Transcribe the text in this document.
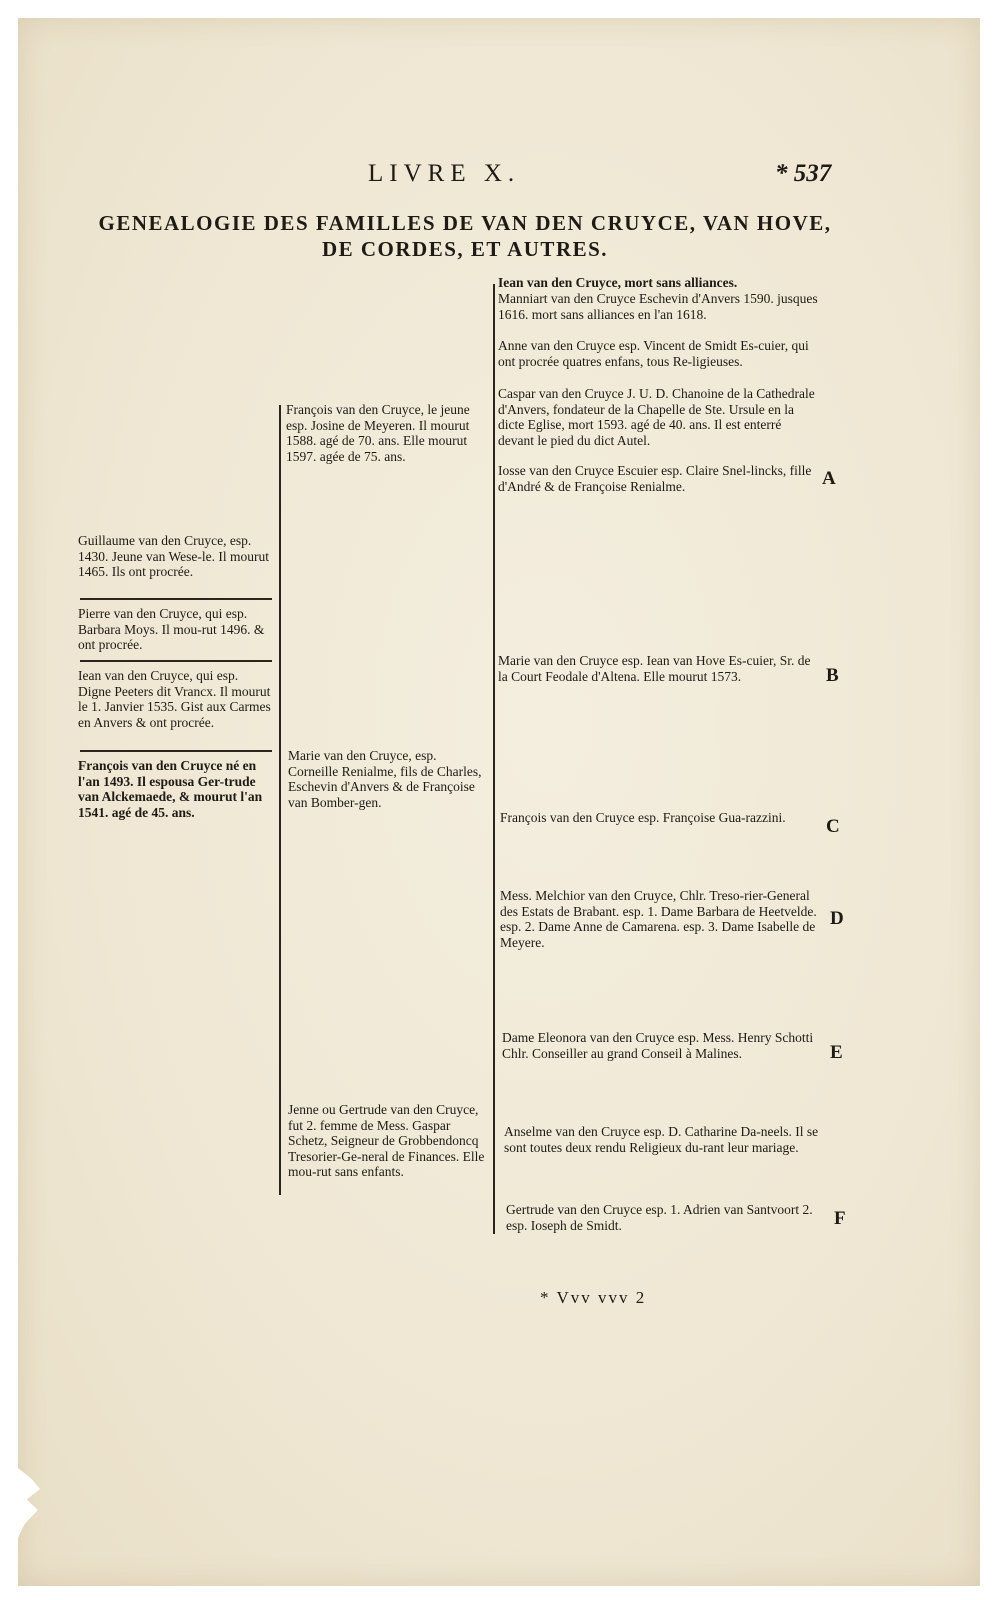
LIVRE X.	* 537
GENEALOGIE DES FAMILLES DE VAN DEN CRUYCE, VAN HOVE, DE CORDES, ET AUTRES.
Guillaume van den Cruyce, esp. 1430. Jeune van Wese-le. Il mourut 1465. Ils ont procrée.
Pierre van den Cruyce, qui esp. Barbara Moys. Il mou-rut 1496. & ont procrée.
Iean van den Cruyce, qui esp. Digne Peeters dit Vrancx. Il mourut le 1. Janvier 1535. Gist aux Carmes en Anvers & ont procrée.
François van den Cruyce né en l'an 1493. Il espousa Ger-trude van Alckemaede, & mourut l'an 1541. agé de 45. ans.
François van den Cruyce, le jeune esp. Josine de Meyeren. Il mourut 1588. agé de 70. ans. Elle mourut 1597. agée de 75. ans.
Marie van den Cruyce, esp. Corneille Renialme, fils de Charles, Eschevin d'Anvers & de Françoise van Bomber-gen.
Jenne ou Gertrude van den Cruyce, fut 2. femme de Mess. Gaspar Schetz, Seigneur de Grobbendoncq Tresorier-Ge-neral de Finances. Elle mou-rut sans enfants.
Iean van den Cruyce, mort sans alliances.
Manniart van den Cruyce Eschevin d'Anvers 1590. jusques 1616. mort sans alliances en l'an 1618.
Anne van den Cruyce esp. Vincent de Smidt Es-cuier, qui ont procrée quatres enfans, tous Re-ligieuses.
Caspar van den Cruyce J. U. D. Chanoine de la Cathedrale d'Anvers, fondateur de la Chapelle de Ste. Ursule en la dicte Eglise, mort 1593. agé de 40. ans. Il est enterré devant le pied du dict Autel.
Iosse van den Cruyce Escuier esp. Claire Snel-lincks, fille d'André & de Françoise Renialme.	A
Marie van den Cruyce esp. Iean van Hove Es-cuier, Sr. de la Court Feodale d'Altena. Elle mourut 1573.	B
François van den Cruyce esp. Françoise Gua-razzini.	C
Mess. Melchior van den Cruyce, Chlr. Treso-rier-General des Estats de Brabant. esp. 1. Dame Barbara de Heetvelde. esp. 2. Dame Anne de Camarena. esp. 3. Dame Isabelle de Meyere.
D
Dame Eleonora van den Cruyce esp. Mess. Henry Schotti Chlr. Conseiller au grand Conseil à Malines.	E
Anselme van den Cruyce esp. D. Catharine Da-neels. Il se sont toutes deux rendu Religieux du-rant leur mariage.
Gertrude van den Cruyce esp. 1. Adrien van Santvoort 2. esp. Ioseph de Smidt.	F
* Vvv vvv 2
